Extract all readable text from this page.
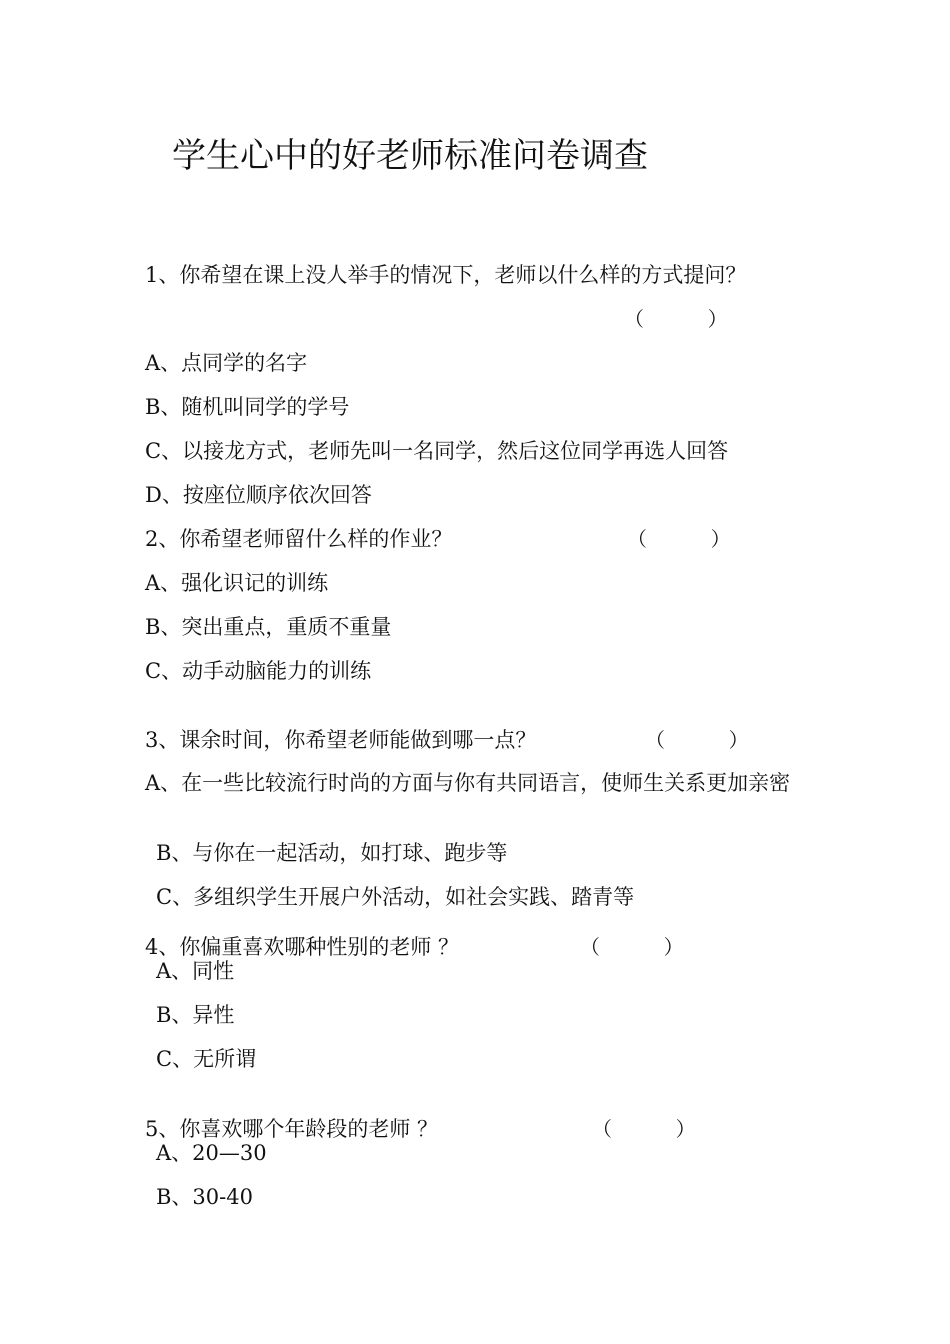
学生心中的好老师标准问卷调查
1、你希望在课上没人举手的情况下，老师以什么样的方式提问？
（          ）
A、点同学的名字
B、随机叫同学的学号
C、以接龙方式，老师先叫一名同学，然后这位同学再选人回答
D、按座位顺序依次回答
2、你希望老师留什么样的作业？	（          ）
A、强化识记的训练
B、突出重点，重质不重量
C、动手动脑能力的训练
3、课余时间，你希望老师能做到哪一点？	（          ）
A、在一些比较流行时尚的方面与你有共同语言，使师生关系更加亲密
B、与你在一起活动，如打球、跑步等
C、多组织学生开展户外活动，如社会实践、踏青等
4、你偏重喜欢哪种性别的老师 ？	（          ）
A、同性
B、异性
C、无所谓
5、你喜欢哪个年龄段的老师 ？	（          ）
A、20—30
B、30-40
